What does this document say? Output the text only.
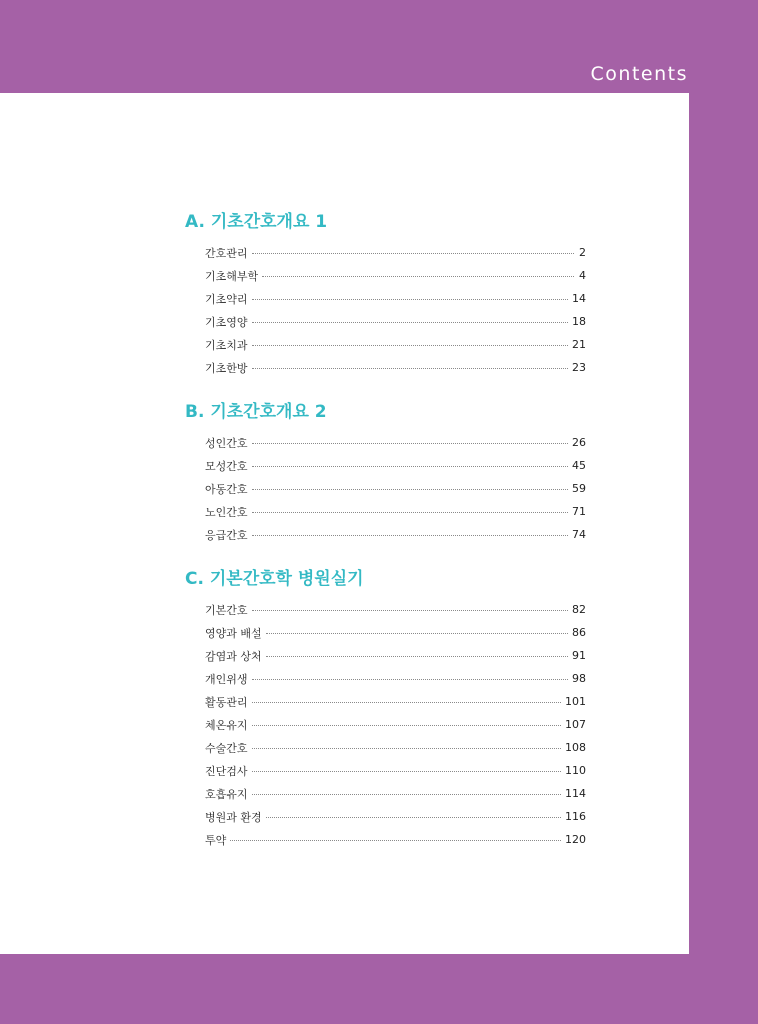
Contents
A. 기초간호개요 1
간호관리	2
기초해부학	4
기초약리	14
기초영양	18
기초치과	21
기초한방	23
B. 기초간호개요 2
성인간호	26
모성간호	45
아동간호	59
노인간호	71
응급간호	74
C. 기본간호학 병원실기
기본간호	82
영양과 배설	86
감염과 상처	91
개인위생	98
활동관리	101
체온유지	107
수술간호	108
진단검사	110
호흡유지	114
병원과 환경	116
투약	120
